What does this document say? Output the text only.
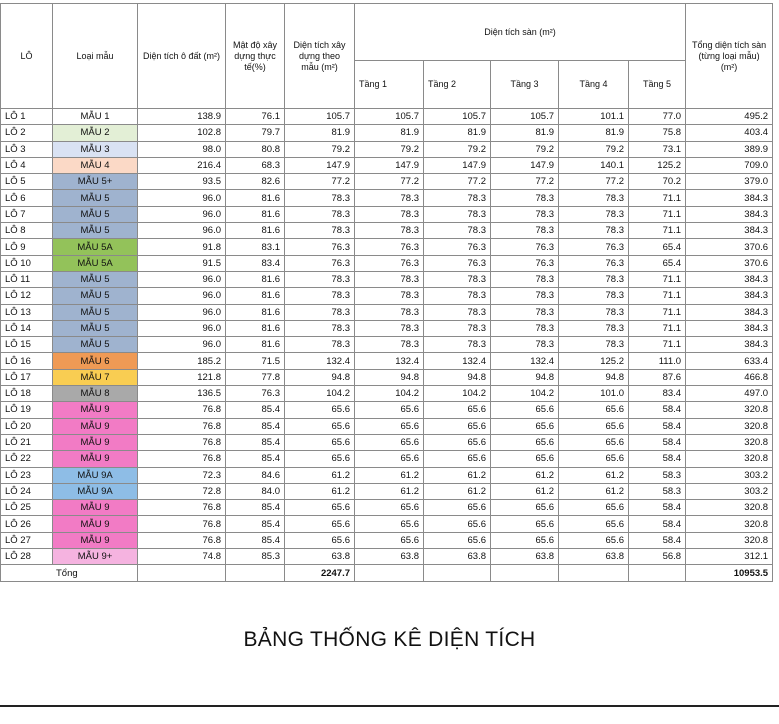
LÔ	Loại mẫu	Diện tích ô đất (m²)	Mật độ xây dựng thực tế(%)	Diện tích xây dựng theo mẫu (m²)	Diện tích sàn (m²)					Tổng diện tích sàn (từng loại mẫu) (m²)
					Tầng 1	Tầng 2	Tầng 3	Tầng 4	Tầng 5	
LÔ 1	MẪU 1	138.9	76.1	105.7	105.7	105.7	105.7	101.1	77.0	495.2
LÔ 2	MẪU 2	102.8	79.7	81.9	81.9	81.9	81.9	81.9	75.8	403.4
LÔ 3	MẪU 3	98.0	80.8	79.2	79.2	79.2	79.2	79.2	73.1	389.9
LÔ 4	MẪU 4	216.4	68.3	147.9	147.9	147.9	147.9	140.1	125.2	709.0
LÔ 5	MẪU 5+	93.5	82.6	77.2	77.2	77.2	77.2	77.2	70.2	379.0
LÔ 6	MẪU 5	96.0	81.6	78.3	78.3	78.3	78.3	78.3	71.1	384.3
LÔ 7	MẪU 5	96.0	81.6	78.3	78.3	78.3	78.3	78.3	71.1	384.3
LÔ 8	MẪU 5	96.0	81.6	78.3	78.3	78.3	78.3	78.3	71.1	384.3
LÔ 9	MẪU 5A	91.8	83.1	76.3	76.3	76.3	76.3	76.3	65.4	370.6
LÔ 10	MẪU 5A	91.5	83.4	76.3	76.3	76.3	76.3	76.3	65.4	370.6
LÔ 11	MẪU 5	96.0	81.6	78.3	78.3	78.3	78.3	78.3	71.1	384.3
LÔ 12	MẪU 5	96.0	81.6	78.3	78.3	78.3	78.3	78.3	71.1	384.3
LÔ 13	MẪU 5	96.0	81.6	78.3	78.3	78.3	78.3	78.3	71.1	384.3
LÔ 14	MẪU 5	96.0	81.6	78.3	78.3	78.3	78.3	78.3	71.1	384.3
LÔ 15	MẪU 5	96.0	81.6	78.3	78.3	78.3	78.3	78.3	71.1	384.3
LÔ 16	MẪU 6	185.2	71.5	132.4	132.4	132.4	132.4	125.2	111.0	633.4
LÔ 17	MẪU 7	121.8	77.8	94.8	94.8	94.8	94.8	94.8	87.6	466.8
LÔ 18	MẪU 8	136.5	76.3	104.2	104.2	104.2	104.2	101.0	83.4	497.0
LÔ 19	MẪU 9	76.8	85.4	65.6	65.6	65.6	65.6	65.6	58.4	320.8
LÔ 20	MẪU 9	76.8	85.4	65.6	65.6	65.6	65.6	65.6	58.4	320.8
LÔ 21	MẪU 9	76.8	85.4	65.6	65.6	65.6	65.6	65.6	58.4	320.8
LÔ 22	MẪU 9	76.8	85.4	65.6	65.6	65.6	65.6	65.6	58.4	320.8
LÔ 23	MẪU 9A	72.3	84.6	61.2	61.2	61.2	61.2	61.2	58.3	303.2
LÔ 24	MẪU 9A	72.8	84.0	61.2	61.2	61.2	61.2	61.2	58.3	303.2
LÔ 25	MẪU 9	76.8	85.4	65.6	65.6	65.6	65.6	65.6	58.4	320.8
LÔ 26	MẪU 9	76.8	85.4	65.6	65.6	65.6	65.6	65.6	58.4	320.8
LÔ 27	MẪU 9	76.8	85.4	65.6	65.6	65.6	65.6	65.6	58.4	320.8
LÔ 28	MẪU 9+	74.8	85.3	63.8	63.8	63.8	63.8	63.8	56.8	312.1
Tổng				2247.7						10953.5
BẢNG THỐNG KÊ DIỆN TÍCH
